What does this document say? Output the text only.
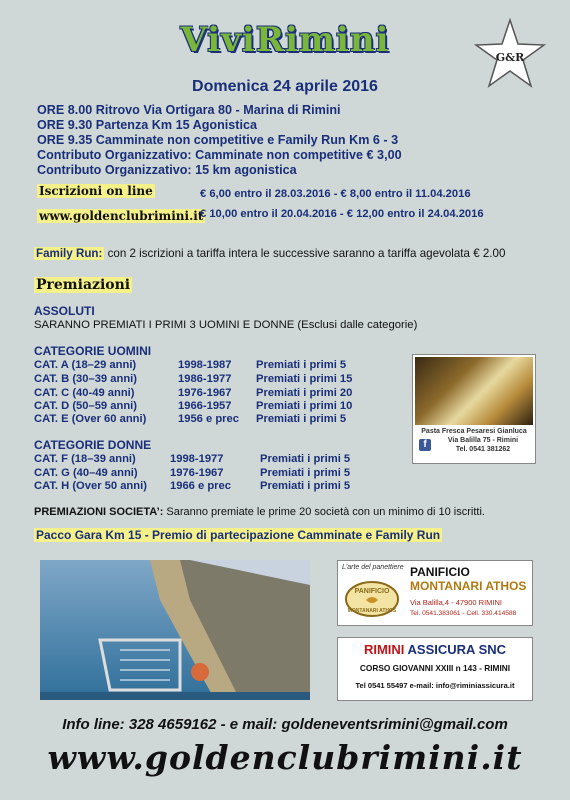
ViviRimini	G&R
Domenica 24 aprile 2016
ORE 8.00 Ritrovo Via Ortigara 80 - Marina di Rimini
ORE 9.30 Partenza Km 15 Agonistica
ORE 9.35 Camminate non competitive e Family Run Km 6 - 3
Contributo Organizzativo: Camminate non competitive € 3,00
Contributo Organizzativo: 15 km agonistica
Iscrizioni on line
www.goldenclubrimini.it
€ 6,00 entro il 28.03.2016 - € 8,00 entro il 11.04.2016
€ 10,00 entro il 20.04.2016 - € 12,00 entro il 24.04.2016
Family Run: con 2 iscrizioni a tariffa intera le successive saranno a tariffa agevolata € 2.00
Premiazioni
ASSOLUTI
SARANNO PREMIATI I PRIMI 3 UOMINI E DONNE (Esclusi dalle categorie)
CATEGORIE UOMINI
CAT. A (18–29 anni)	1998-1987 Premiati i primi 5
CAT. B (30–39 anni)	1986-1977 Premiati i primi 15
CAT. C (40-49 anni)	1976-1967 Premiati i primi 20
CAT. D (50–59 anni)	1966-1957 Premiati i primi 10
CAT. E (Over 60 anni)	1956 e prec Premiati i primi 5
CATEGORIE DONNE
CAT. F (18–39 anni)	1998-1977	Premiati i primi 5
CAT. G (40–49 anni)	1976-1967	Premiati i primi 5
CAT. H (Over 50 anni) 1966 e prec	Premiati i primi 5
Pasta Fresca Pesaresi Gianluca
Via Balilla 75 - Rimini
Tel. 0541 381262
f
PREMIAZIONI SOCIETA’: Saranno premiate le prime 20 società con un minimo di 10 iscritti.
Pacco Gara Km 15 - Premio di partecipazione Camminate e Family Run
L'arte del panettiere
PANIFICIO
MONTANARI ATHOS
PANIFICIO
MONTANARI ATHOS
Via Balilla,4 - 47900 RIMINI
Tel. 0541.383061 - Cell. 330.414588
RIMINI ASSICURA SNC
CORSO GIOVANNI XXIII n 143 - RIMINI
Tel 0541 55497 e-mail: info@riminiassicura.it
Info line: 328 4659162 - e mail: goldeneventsrimini@gmail.com
www.goldenclubrimini.it
